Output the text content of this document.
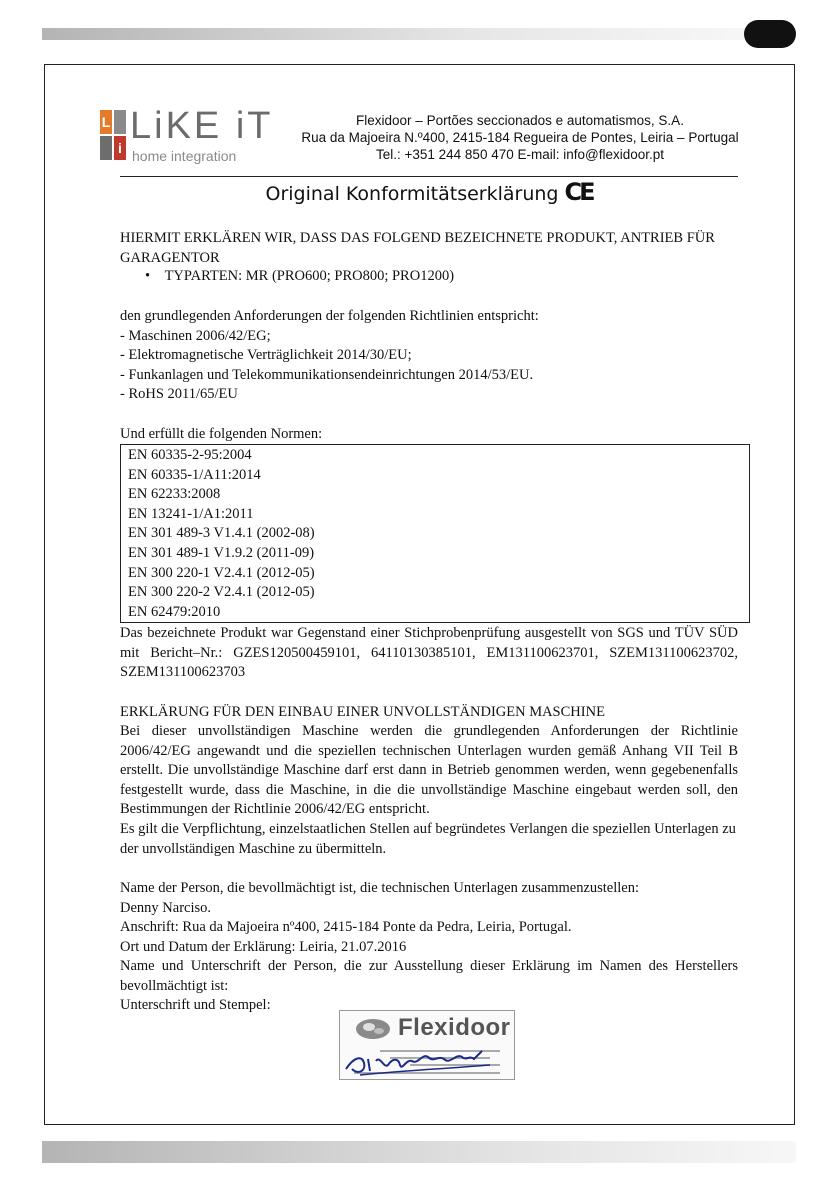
L
i
LiKE iT
home integration
Flexidoor – Portões seccionados e automatismos, S.A.
Rua da Majoeira N.º400, 2415-184 Regueira de Pontes, Leiria – Portugal
Tel.: +351 244 850 470 E-mail: info@flexidoor.pt
Original Konformitätserklärung CE

HIERMIT ERKLÄREN WIR, DASS DAS FOLGEND BEZEICHNETE PRODUKT, ANTRIEB FÜR GARAGENTOR

• TYPARTEN: MR (PRO600; PRO800; PRO1200)

den grundlegenden Anforderungen der folgenden Richtlinien entspricht:

- Maschinen 2006/42/EG;

- Elektromagnetische Verträglichkeit 2014/30/EU;

- Funkanlagen und Telekommunikationsendeinrichtungen 2014/53/EU.

- RoHS 2011/65/EU

Und erfüllt die folgenden Normen:

EN 60335-2-95:2004
EN 60335-1/A11:2014
EN 62233:2008
EN 13241-1/A1:2011
EN 301 489-3 V1.4.1 (2002-08)
EN 301 489-1 V1.9.2 (2011-09)
EN 300 220-1 V2.4.1 (2012-05)
EN 300 220-2 V2.4.1 (2012-05)
EN 62479:2010

Das bezeichnete Produkt war Gegenstand einer Stichprobenprüfung ausgestellt von SGS und TÜV SÜD mit Bericht–Nr.: GZES120500459101, 64110130385101, EM131100623701, SZEM131100623702, SZEM131100623703

ERKLÄRUNG FÜR DEN EINBAU EINER UNVOLLSTÄNDIGEN MASCHINE

Bei dieser unvollständigen Maschine werden die grundlegenden Anforderungen der Richtlinie 2006/42/EG angewandt und die speziellen technischen Unterlagen wurden gemäß Anhang VII Teil B erstellt. Die unvollständige Maschine darf erst dann in Betrieb genommen werden, wenn gegebenenfalls festgestellt wurde, dass die Maschine, in die die unvollständige Maschine eingebaut werden soll, den Bestimmungen der Richtlinie 2006/42/EG entspricht.

Es gilt die Verpflichtung, einzelstaatlichen Stellen auf begründetes Verlangen die speziellen Unterlagen zu der unvollständigen Maschine zu übermitteln.

Name der Person, die bevollmächtigt ist, die technischen Unterlagen zusammenzustellen:

Denny Narciso.

Anschrift: Rua da Majoeira nº400, 2415-184 Ponte da Pedra, Leiria, Portugal.

Ort und Datum der Erklärung: Leiria, 21.07.2016

Name und Unterschrift der Person, die zur Ausstellung dieser Erklärung im Namen des Herstellers bevollmächtigt ist:

Unterschrift und Stempel:

Flexidoor
